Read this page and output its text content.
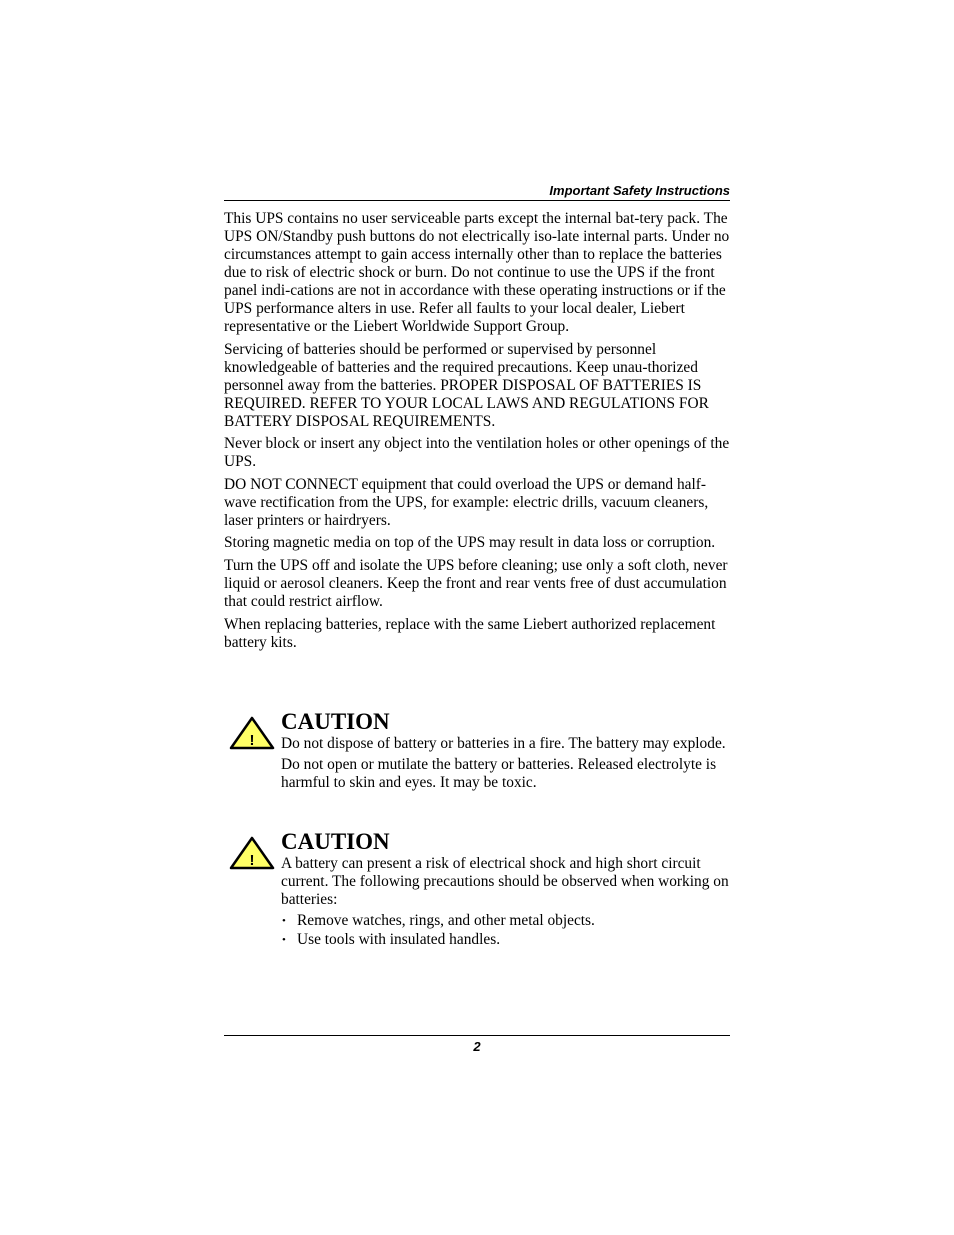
Important Safety Instructions

This UPS contains no user serviceable parts except the internal bat-tery pack. The UPS ON/Standby push buttons do not electrically iso-late internal parts. Under no circumstances attempt to gain access internally other than to replace the batteries due to risk of electric shock or burn. Do not continue to use the UPS if the front panel indi-cations are not in accordance with these operating instructions or if the UPS performance alters in use. Refer all faults to your local dealer, Liebert representative or the Liebert Worldwide Support Group.

Servicing of batteries should be performed or supervised by personnel knowledgeable of batteries and the required precautions. Keep unau-thorized personnel away from the batteries. PROPER DISPOSAL OF BATTERIES IS REQUIRED. REFER TO YOUR LOCAL LAWS AND REGULATIONS FOR BATTERY DISPOSAL REQUIREMENTS.

Never block or insert any object into the ventilation holes or other openings of the UPS.

DO NOT CONNECT equipment that could overload the UPS or demand half-wave rectification from the UPS, for example: electric drills, vacuum cleaners, laser printers or hairdryers.

Storing magnetic media on top of the UPS may result in data loss or corruption.

Turn the UPS off and isolate the UPS before cleaning; use only a soft cloth, never liquid or aerosol cleaners. Keep the front and rear vents free of dust accumulation that could restrict airflow.

When replacing batteries, replace with the same Liebert authorized replacement battery kits.

!
CAUTION

Do not dispose of battery or batteries in a fire. The battery may explode.

Do not open or mutilate the battery or batteries. Released electrolyte is harmful to skin and eyes. It may be toxic.

!
CAUTION

A battery can present a risk of electrical shock and high short circuit current. The following precautions should be observed when working on batteries:

• Remove watches, rings, and other metal objects.
• Use tools with insulated handles.
2
